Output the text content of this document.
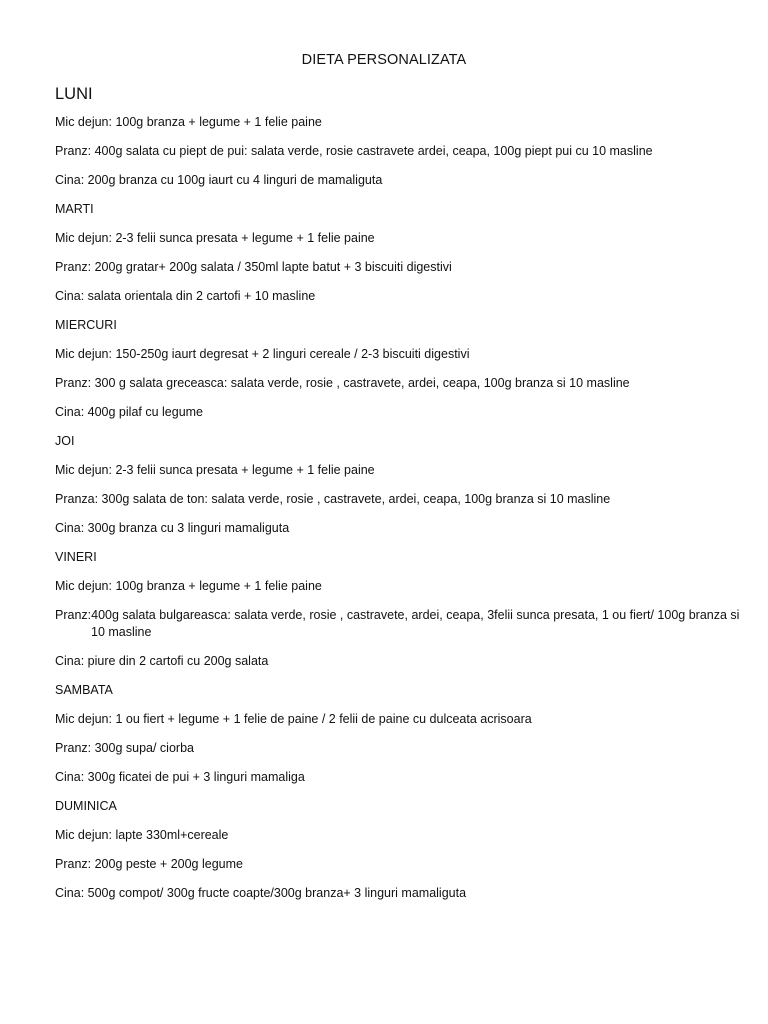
DIETA PERSONALIZATA
LUNI
Mic dejun: 100g branza + legume + 1 felie paine
Pranz: 400g salata cu piept de pui: salata verde, rosie castravete ardei, ceapa, 100g piept pui cu 10 masline
Cina: 200g branza cu 100g iaurt cu 4 linguri de mamaliguta
MARTI
Mic dejun: 2-3 felii sunca presata + legume + 1 felie paine
Pranz: 200g gratar+ 200g salata / 350ml lapte batut + 3 biscuiti digestivi
Cina: salata orientala din 2 cartofi + 10 masline
MIERCURI
Mic dejun: 150-250g iaurt degresat + 2 linguri cereale / 2-3 biscuiti digestivi
Pranz: 300 g salata greceasca: salata verde, rosie , castravete, ardei, ceapa, 100g branza si 10 masline
Cina: 400g pilaf cu legume
JOI
Mic dejun: 2-3 felii sunca presata + legume + 1 felie paine
Pranza: 300g salata de ton: salata verde, rosie , castravete, ardei, ceapa, 100g branza si 10 masline
Cina: 300g branza cu 3 linguri mamaliguta
VINERI
Mic dejun: 100g branza + legume + 1 felie paine
Pranz:400g salata bulgareasca: salata verde, rosie , castravete, ardei, ceapa, 3felii sunca presata, 1 ou fiert/ 100g branza si 10 masline
Cina: piure din 2 cartofi cu 200g salata
SAMBATA
Mic dejun: 1 ou fiert + legume + 1 felie de paine / 2 felii de paine cu dulceata acrisoara
Pranz: 300g supa/ ciorba
Cina: 300g ficatei de pui + 3 linguri mamaliga
DUMINICA
Mic dejun: lapte 330ml+cereale
Pranz: 200g peste + 200g legume
Cina: 500g compot/ 300g fructe coapte/300g branza+ 3 linguri mamaliguta
